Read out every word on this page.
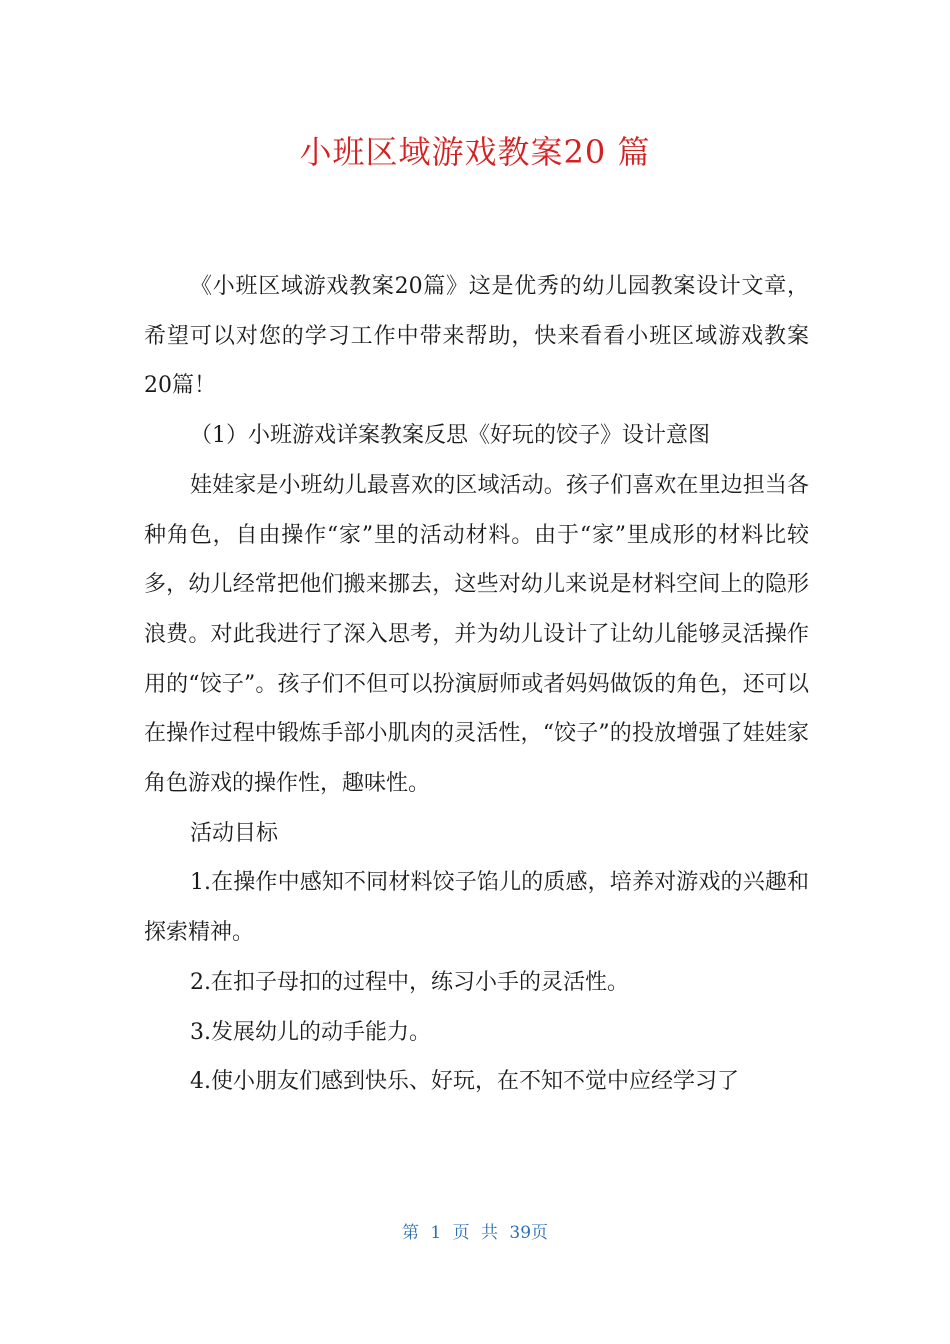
小班区域游戏教案20 篇

《小班区域游戏教案20篇》这是优秀的幼儿园教案设计文章，希望可以对您的学习工作中带来帮助，快来看看小班区域游戏教案20篇！

（1）小班游戏详案教案反思《好玩的饺子》设计意图

娃娃家是小班幼儿最喜欢的区域活动。孩子们喜欢在里边担当各种角色，自由操作“家”里的活动材料。由于“家”里成形的材料比较多，幼儿经常把他们搬来挪去，这些对幼儿来说是材料空间上的隐形浪费。对此我进行了深入思考，并为幼儿设计了让幼儿能够灵活操作用的“饺子”。孩子们不但可以扮演厨师或者妈妈做饭的角色，还可以在操作过程中锻炼手部小肌肉的灵活性，“饺子”的投放增强了娃娃家角色游戏的操作性，趣味性。

活动目标

1.在操作中感知不同材料饺子馅儿的质感，培养对游戏的兴趣和探索精神。

2.在扣子母扣的过程中，练习小手的灵活性。

3.发展幼儿的动手能力。

4.使小朋友们感到快乐、好玩，在不知不觉中应经学习了

第 1 页 共 39页
